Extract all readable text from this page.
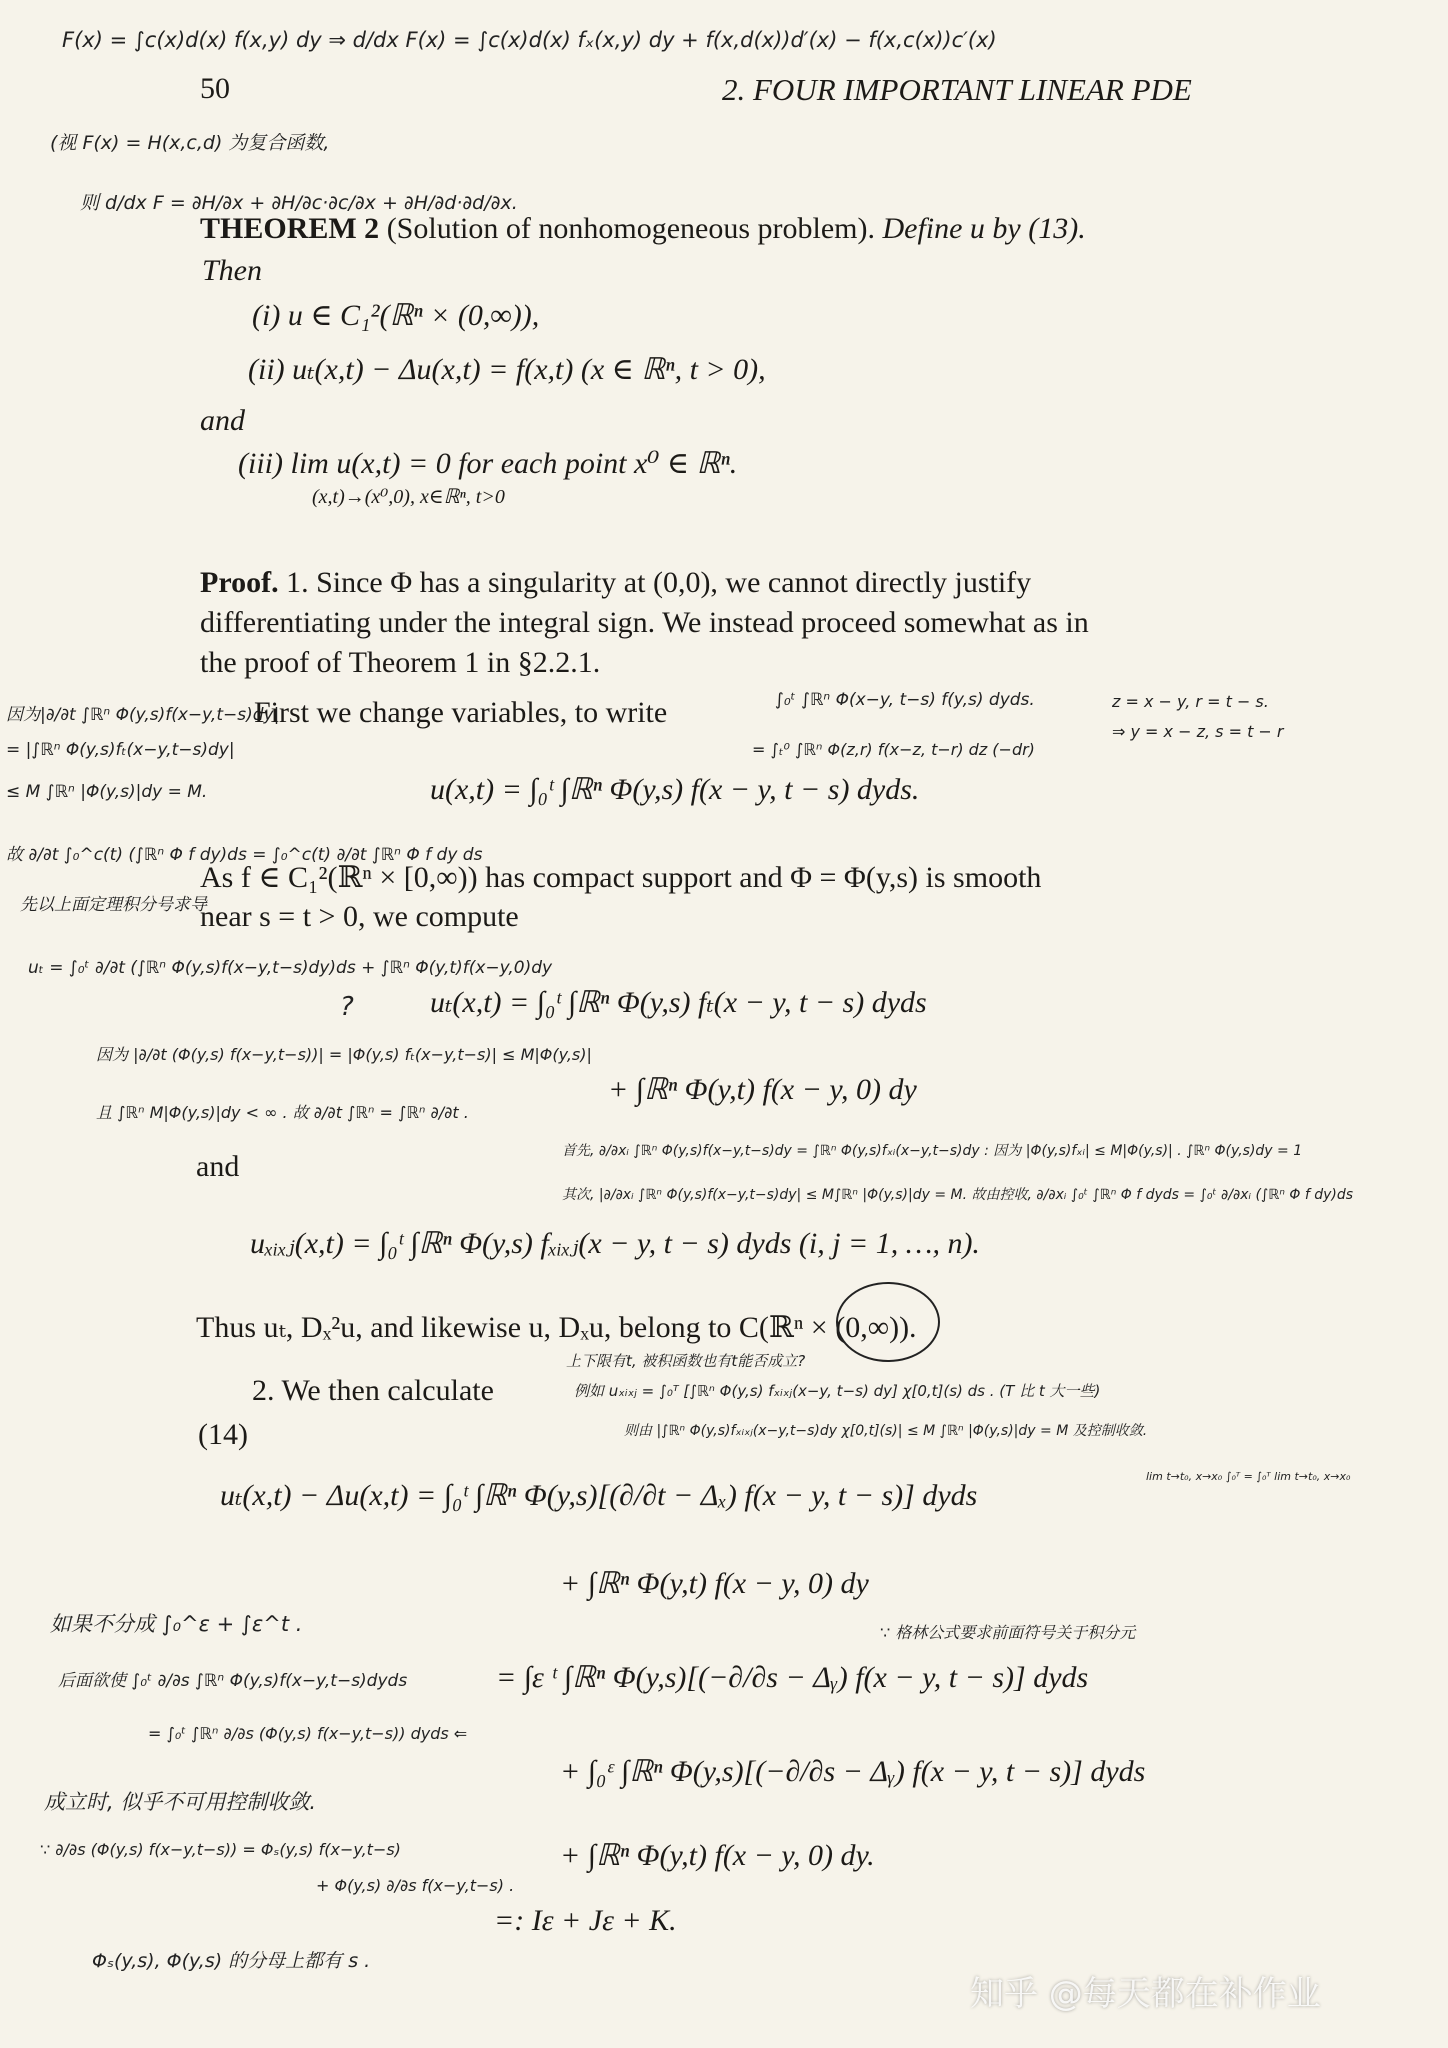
F(x) = ∫c(x)d(x) f(x,y) dy ⇒ d/dx F(x) = ∫c(x)d(x) fₓ(x,y) dy + f(x,d(x))d′(x) − f(x,c(x))c′(x)
50	2. FOUR IMPORTANT LINEAR PDE
(视 F(x) = H(x,c,d) 为复合函数,
则 d/dx F = ∂H/∂x + ∂H/∂c·∂c/∂x + ∂H/∂d·∂d/∂x.
THEOREM 2 (Solution of nonhomogeneous problem). Define u by (13).
Then
(i) u ∈ C₁²(ℝⁿ × (0,∞)),
(ii) uₜ(x,t) − Δu(x,t) = f(x,t) (x ∈ ℝⁿ, t > 0),
and
(iii) lim u(x,t) = 0 for each point x⁰ ∈ ℝⁿ.
(x,t)→(x⁰,0), x∈ℝⁿ, t>0
Proof. 1. Since Φ has a singularity at (0,0), we cannot directly justify
differentiating under the integral sign. We instead proceed somewhat as in
the proof of Theorem 1 in §2.2.1.
因为|∂/∂t ∫ℝⁿ Φ(y,s)f(x−y,t−s)dy|
= |∫ℝⁿ Φ(y,s)fₜ(x−y,t−s)dy|
≤ M ∫ℝⁿ |Φ(y,s)|dy = M.
故 ∂/∂t ∫₀^c(t) (∫ℝⁿ Φ f dy)ds = ∫₀^c(t) ∂/∂t ∫ℝⁿ Φ f dy ds
先以上面定理积分号求导
First we change variables, to write	∫₀ᵗ ∫ℝⁿ Φ(x−y, t−s) f(y,s) dyds.
= ∫ₜ⁰ ∫ℝⁿ Φ(z,r) f(x−z, t−r) dz (−dr)
z = x − y, r = t − s.
⇒ y = x − z, s = t − r
u(x,t) = ∫₀ᵗ ∫ℝⁿ Φ(y,s) f(x − y, t − s) dyds.
As f ∈ C₁²(ℝⁿ × [0,∞)) has compact support and Φ = Φ(y,s) is smooth
near s = t > 0, we compute
uₜ = ∫₀ᵗ ∂/∂t (∫ℝⁿ Φ(y,s)f(x−y,t−s)dy)ds + ∫ℝⁿ Φ(y,t)f(x−y,0)dy
?	uₜ(x,t) = ∫₀ᵗ ∫ℝⁿ Φ(y,s) fₜ(x − y, t − s) dyds
因为 |∂/∂t (Φ(y,s) f(x−y,t−s))| = |Φ(y,s) fₜ(x−y,t−s)| ≤ M|Φ(y,s)|
+ ∫ℝⁿ Φ(y,t) f(x − y, 0) dy
且 ∫ℝⁿ M|Φ(y,s)|dy < ∞ . 故 ∂/∂t ∫ℝⁿ = ∫ℝⁿ ∂/∂t .
and	首先, ∂/∂xᵢ ∫ℝⁿ Φ(y,s)f(x−y,t−s)dy = ∫ℝⁿ Φ(y,s)fₓᵢ(x−y,t−s)dy : 因为 |Φ(y,s)fₓᵢ| ≤ M|Φ(y,s)| . ∫ℝⁿ Φ(y,s)dy = 1
其次, |∂/∂xᵢ ∫ℝⁿ Φ(y,s)f(x−y,t−s)dy| ≤ M∫ℝⁿ |Φ(y,s)|dy = M. 故由控收, ∂/∂xᵢ ∫₀ᵗ ∫ℝⁿ Φ f dyds = ∫₀ᵗ ∂/∂xᵢ (∫ℝⁿ Φ f dy)ds
uₓᵢₓⱼ(x,t) = ∫₀ᵗ ∫ℝⁿ Φ(y,s) fₓᵢₓⱼ(x − y, t − s) dyds (i, j = 1, …, n).
Thus uₜ, Dₓ²u, and likewise u, Dₓu, belong to C(ℝⁿ × (0,∞)).
上下限有t, 被积函数也有t能否成立?
2. We then calculate	例如 uₓᵢₓⱼ = ∫₀ᵀ [∫ℝⁿ Φ(y,s) fₓᵢₓⱼ(x−y, t−s) dy] χ[0,t](s) ds . (T 比 t 大一些)
(14)	则由 |∫ℝⁿ Φ(y,s)fₓᵢₓⱼ(x−y,t−s)dy χ[0,t](s)| ≤ M ∫ℝⁿ |Φ(y,s)|dy = M 及控制收敛.
uₜ(x,t) − Δu(x,t) = ∫₀ᵗ ∫ℝⁿ Φ(y,s)[(∂/∂t − Δₓ) f(x − y, t − s)] dyds
lim t→t₀, x→x₀ ∫₀ᵀ = ∫₀ᵀ lim t→t₀, x→x₀
+ ∫ℝⁿ Φ(y,t) f(x − y, 0) dy
如果不分成 ∫₀^ε + ∫ε^t .	∵ 格林公式要求前面符号关于积分元
后面欲使 ∫₀ᵗ ∂/∂s ∫ℝⁿ Φ(y,s)f(x−y,t−s)dyds	= ∫ε ᵗ ∫ℝⁿ Φ(y,s)[(−∂/∂s − Δᵧ) f(x − y, t − s)] dyds
= ∫₀ᵗ ∫ℝⁿ ∂/∂s (Φ(y,s) f(x−y,t−s)) dyds ⇐
+ ∫₀ᵋ ∫ℝⁿ Φ(y,s)[(−∂/∂s − Δᵧ) f(x − y, t − s)] dyds
成立时, 似乎不可用控制收敛.
∵ ∂/∂s (Φ(y,s) f(x−y,t−s)) = Φₛ(y,s) f(x−y,t−s)
+ Φ(y,s) ∂/∂s f(x−y,t−s) .
+ ∫ℝⁿ Φ(y,t) f(x − y, 0) dy.
=: Iε + Jε + K.
Φₛ(y,s), Φ(y,s) 的分母上都有 s .
知乎 @每天都在补作业
